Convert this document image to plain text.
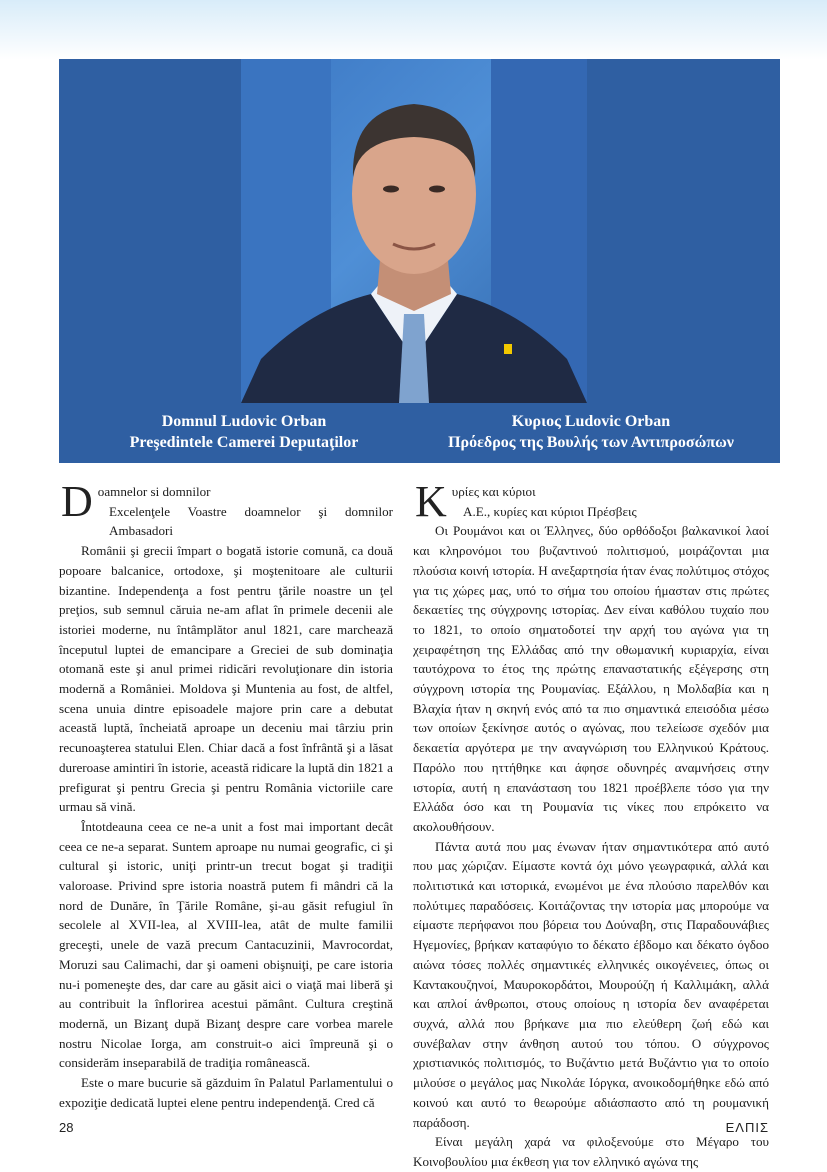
Domnul Ludovic Orban
Preşedintele Camerei Deputaţilor
Κυριος Ludovic Orban
Πρόεδρος της Βουλής των Αντιπροσώπων

Doamnelor si domnilor

Excelenţele Voastre doamnelor şi domnilor Ambasadori

Românii şi grecii împart o bogată istorie comună, ca două popoare balcanice, ortodoxe, şi moştenitoare ale culturii bizantine. Independenţa a fost pentru ţările noastre un ţel preţios, sub semnul căruia ne-am aflat în primele decenii ale istoriei moderne, nu întâmplător anul 1821, care marchează începutul luptei de emancipare a Greciei de sub dominaţia otomană este şi anul primei ridicări revoluţionare din istoria modernă a României. Moldova şi Muntenia au fost, de altfel, scena unuia dintre episoadele majore prin care a debutat această luptă, încheiată aproape un deceniu mai târziu prin recunoaşterea statului Elen. Chiar dacă a fost înfrântă şi a lăsat dureroase amintiri în istorie, această ridicare la luptă din 1821 a prefigurat şi pentru Grecia şi pentru România victoriile care urmau să vină.

Întotdeauna ceea ce ne-a unit a fost mai important decât ceea ce ne-a separat. Suntem aproape nu numai geografic, ci şi cultural şi istoric, uniţi printr-un trecut bogat şi tradiţii valoroase. Privind spre istoria noastră putem fi mândri că la nord de Dunăre, în Ţările Române, şi-au găsit refugiul în secolele al XVII-lea, al XVIII-lea, atât de multe familii greceşti, unele de vază precum Cantacuzinii, Mavrocordat, Moruzi sau Calimachi, dar şi oameni obişnuiţi, pe care istoria nu-i pomeneşte des, dar care au găsit aici o viaţă mai liberă şi au contribuit la înflorirea acestui pământ. Cultura creştină modernă, un Bizanţ după Bizanţ despre care vorbea marele nostru Nicolae Iorga, am construit-o aici împreună şi o considerăm inseparabilă de tradiţia românească.

Este o mare bucurie să găzduim în Palatul Parlamentului o expoziţie dedicată luptei elene pentru independenţă. Cred că

Κυρίες και κύριοι

Α.Ε., κυρίες και κύριοι Πρέσβεις

Οι Ρουμάνοι και οι Έλληνες, δύο ορθόδοξοι βαλκανικοί λαοί και κληρονόμοι του βυζαντινού πολιτισμού, μοιράζονται μια πλούσια κοινή ιστορία. Η ανεξαρτησία ήταν ένας πολύτιμος στόχος για τις χώρες μας, υπό το σήμα του οποίου ήμασταν στις πρώτες δεκαετίες της σύγχρονης ιστορίας. Δεν είναι καθόλου τυχαίο που το 1821, το οποίο σηματοδοτεί την αρχή του αγώνα για τη χειραφέτηση της Ελλάδας από την οθωμανική κυριαρχία, είναι ταυτόχρονα το έτος της πρώτης επαναστατικής εξέγερσης στη σύγχρονη ιστορία της Ρουμανίας. Εξάλλου, η Μολδαβία και η Βλαχία ήταν η σκηνή ενός από τα πιο σημαντικά επεισόδια μέσω των οποίων ξεκίνησε αυτός ο αγώνας, που τελείωσε σχεδόν μια δεκαετία αργότερα με την αναγνώριση του Ελληνικού Κράτους. Παρόλο που ηττήθηκε και άφησε οδυνηρές αναμνήσεις στην ιστορία, αυτή η επανάσταση του 1821 προέβλεπε τόσο για την Ελλάδα όσο και τη Ρουμανία τις νίκες που επρόκειτο να ακολουθήσουν.

Πάντα αυτά που μας ένωναν ήταν σημαντικότερα από αυτό που μας χώριζαν. Είμαστε κοντά όχι μόνο γεωγραφικά, αλλά και πολιτιστικά και ιστορικά, ενωμένοι με ένα πλούσιο παρελθόν και πολύτιμες παραδόσεις. Κοιτάζοντας την ιστορία μας μπορούμε να είμαστε περήφανοι που βόρεια του Δούναβη, στις Παραδουνάβιες Ηγεμονίες, βρήκαν καταφύγιο το δέκατο έβδομο και δέκατο όγδοο αιώνα τόσες πολλές σημαντικές ελληνικές οικογένειες, όπως οι Καντακουζηνοί, Μαυροκορδάτοι, Μουρούζη ή Καλλιμάκη, αλλά και απλοί άνθρωποι, στους οποίους η ιστορία δεν αναφέρεται συχνά, αλλά που βρήκανε μια πιο ελεύθερη ζωή εδώ και συνέβαλαν στην άνθηση αυτού του τόπου. Ο σύγχρονος χριστιανικός πολιτισμός, το Βυζάντιο μετά Βυζάντιο για το οποίο μιλούσε ο μεγάλος μας Νικολάε Ιόργκα, ανοικοδομήθηκε εδώ από κοινού και αυτό το θεωρούμε αδιάσπαστο από τη ρουμανική παράδοση.

Είναι μεγάλη χαρά να φιλοξενούμε στο Μέγαρο του Κοινοβουλίου μια έκθεση για τον ελληνικό αγώνα της

28	ΕΛΠΙΣ
